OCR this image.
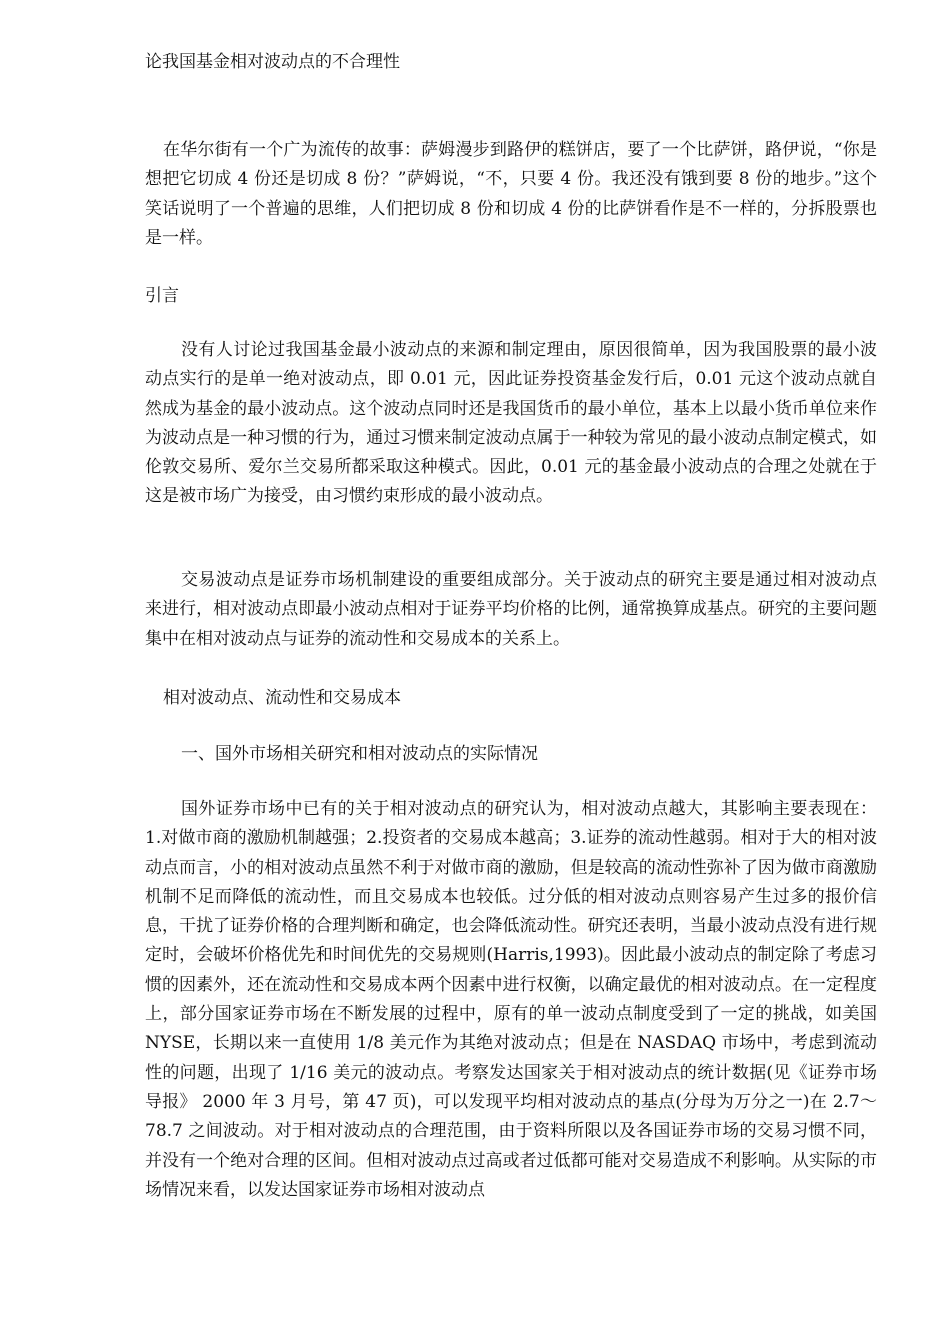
论我国基金相对波动点的不合理性

在华尔街有一个广为流传的故事：萨姆漫步到路伊的糕饼店，要了一个比萨饼，路伊说，“你是想把它切成 4 份还是切成 8 份？”萨姆说，“不，只要 4 份。我还没有饿到要 8 份的地步。”这个笑话说明了一个普遍的思维，人们把切成 8 份和切成 4 份的比萨饼看作是不一样的，分拆股票也是一样。

引言

没有人讨论过我国基金最小波动点的来源和制定理由，原因很简单，因为我国股票的最小波动点实行的是单一绝对波动点，即 0.01 元，因此证券投资基金发行后，0.01 元这个波动点就自然成为基金的最小波动点。这个波动点同时还是我国货币的最小单位，基本上以最小货币单位来作为波动点是一种习惯的行为，通过习惯来制定波动点属于一种较为常见的最小波动点制定模式，如伦敦交易所、爱尔兰交易所都采取这种模式。因此，0.01 元的基金最小波动点的合理之处就在于这是被市场广为接受，由习惯约束形成的最小波动点。

交易波动点是证券市场机制建设的重要组成部分。关于波动点的研究主要是通过相对波动点来进行，相对波动点即最小波动点相对于证券平均价格的比例，通常换算成基点。研究的主要问题集中在相对波动点与证券的流动性和交易成本的关系上。

相对波动点、流动性和交易成本
一、国外市场相关研究和相对波动点的实际情况

国外证券市场中已有的关于相对波动点的研究认为，相对波动点越大，其影响主要表现在：1.对做市商的激励机制越强；2.投资者的交易成本越高；3.证券的流动性越弱。相对于大的相对波动点而言，小的相对波动点虽然不利于对做市商的激励，但是较高的流动性弥补了因为做市商激励机制不足而降低的流动性，而且交易成本也较低。过分低的相对波动点则容易产生过多的报价信息，干扰了证券价格的合理判断和确定，也会降低流动性。研究还表明，当最小波动点没有进行规定时，会破坏价格优先和时间优先的交易规则(Harris,1993)。因此最小波动点的制定除了考虑习惯的因素外，还在流动性和交易成本两个因素中进行权衡，以确定最优的相对波动点。在一定程度上，部分国家证券市场在不断发展的过程中，原有的单一波动点制度受到了一定的挑战，如美国 NYSE，长期以来一直使用 1/8 美元作为其绝对波动点；但是在 NASDAQ 市场中，考虑到流动性的问题，出现了 1/16 美元的波动点。考察发达国家关于相对波动点的统计数据(见《证券市场导报》 2000 年 3 月号，第 47 页)，可以发现平均相对波动点的基点(分母为万分之一)在 2.7～78.7 之间波动。对于相对波动点的合理范围，由于资料所限以及各国证券市场的交易习惯不同，并没有一个绝对合理的区间。但相对波动点过高或者过低都可能对交易造成不利影响。从实际的市场情况来看，以发达国家证券市场相对波动点
